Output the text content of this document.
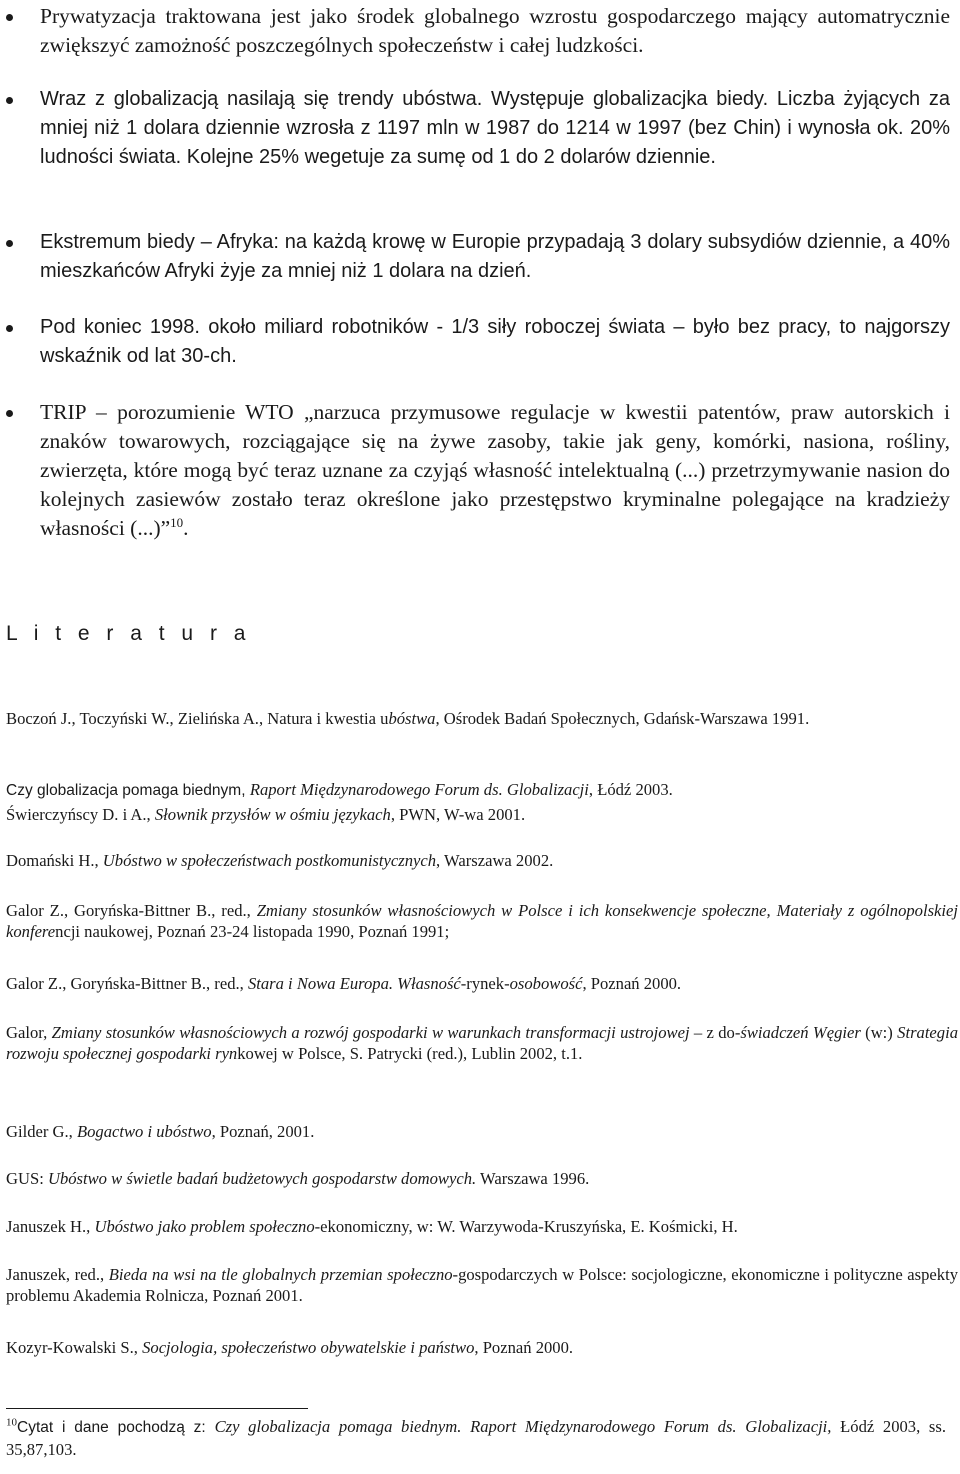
Prywatyzacja traktowana jest jako środek globalnego wzrostu gospodarczego mający automatrycznie zwiększyć zamożność poszczególnych społeczeństw i całej ludzkości.
Wraz z globalizacją nasilają się trendy ubóstwa. Występuje globalizacjka biedy. Liczba żyjących za mniej niż 1 dolara dziennie wzrosła z 1197 mln w 1987 do 1214 w 1997 (bez Chin) i wynosła ok. 20% ludności świata. Kolejne 25% wegetuje za sumę od 1 do 2 dolarów dziennie.
Ekstremum biedy – Afryka: na każdą krowę w Europie przypadają 3 dolary subsydiów dziennie, a 40% mieszkańców Afryki żyje za mniej niż 1 dolara na dzień.
Pod koniec 1998. około miliard robotników - 1/3 siły roboczej świata – było bez pracy, to najgorszy wskaźnik od lat 30-ch.
TRIP – porozumienie WTO „narzuca przymusowe regulacje w kwestii patentów, praw autorskich i znaków towarowych, rozciągające się na żywe zasoby, takie jak geny, komórki, nasiona, rośliny, zwierzęta, które mogą być teraz uznane za czyjąś własność intelektualną (...) przetrzymywanie nasion do kolejnych zasiewów zostało teraz określone jako przestępstwo kryminalne polegające na kradzieży własności (...)”$^{10}$.
L i t e r a t u r a
Boczoń J., Toczyński W., Zielińska A., Natura i kwestia ubóstwa, Ośrodek Badań Społecznych, Gdańsk-Warszawa 1991.
Czy globalizacja pomaga biednym, Raport Międzynarodowego Forum ds. Globalizacji, Łódź 2003.
Świerczyńscy D. i A., Słownik przysłów w ośmiu językach, PWN, W-wa 2001.
Domański H., Ubóstwo w społeczeństwach postkomunistycznych, Warszawa 2002.
Galor Z., Goryńska-Bittner B., red., Zmiany stosunków własnościowych w Polsce i ich konsekwencje społeczne, Materiały z ogólnopolskiej konferencji naukowej, Poznań 23-24 listopada 1990, Poznań 1991;
Galor Z., Goryńska-Bittner B., red., Stara i Nowa Europa. Własność-rynek-osobowość, Poznań 2000.
Galor, Zmiany stosunków własnościowych a rozwój gospodarki w warunkach transformacji ustrojowej – z do-świadczeń Węgier (w:) Strategia rozwoju społecznej gospodarki rynkowej w Polsce, S. Patrycki (red.), Lublin 2002, t.1.
Gilder G., Bogactwo i ubóstwo, Poznań, 2001.
GUS: Ubóstwo w świetle badań budżetowych gospodarstw domowych. Warszawa 1996.
Januszek H., Ubóstwo jako problem społeczno-ekonomiczny, w: W. Warzywoda-Kruszyńska, E. Kośmicki, H.
Januszek, red., Bieda na wsi na tle globalnych przemian społeczno-gospodarczych w Polsce: socjologiczne, ekonomiczne i polityczne aspekty problemu Akademia Rolnicza, Poznań 2001.
Kozyr-Kowalski S., Socjologia, społeczeństwo obywatelskie i państwo, Poznań 2000.
$^{10}$Cytat i dane pochodzą z: Czy globalizacja pomaga biednym. Raport Międzynarodowego Forum ds. Globalizacji, Łódź 2003, ss. 35,87,103.
